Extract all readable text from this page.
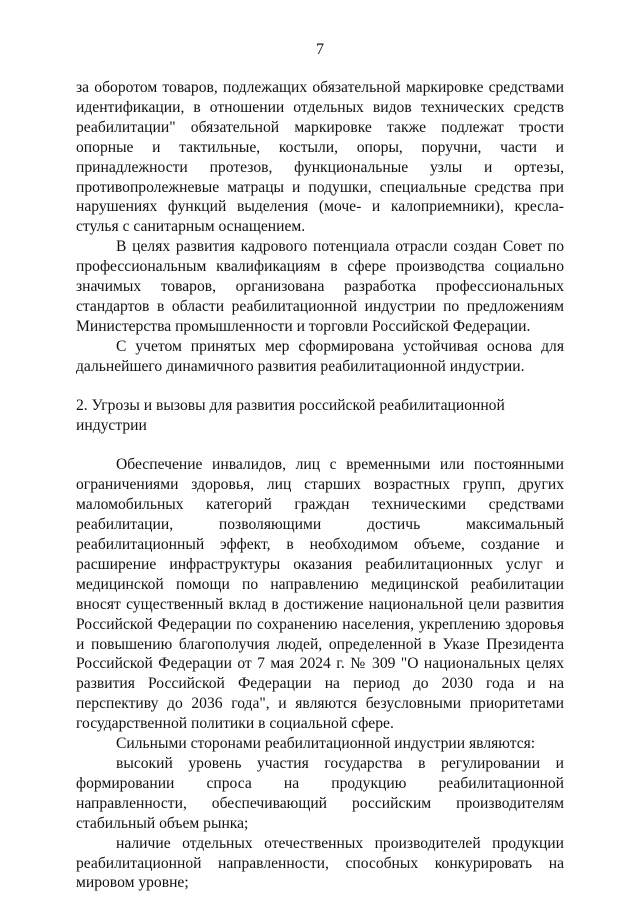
7

за оборотом товаров, подлежащих обязательной маркировке средствами идентификации, в отношении отдельных видов технических средств реабилитации" обязательной маркировке также подлежат трости опорные и тактильные, костыли, опоры, поручни, части и принадлежности протезов, функциональные узлы и ортезы, противопролежневые матрацы и подушки, специальные средства при нарушениях функций выделения (моче- и калоприемники), кресла-стулья с санитарным оснащением.

В целях развития кадрового потенциала отрасли создан Совет по профессиональным квалификациям в сфере производства социально значимых товаров, организована разработка профессиональных стандартов в области реабилитационной индустрии по предложениям Министерства промышленности и торговли Российской Федерации.

С учетом принятых мер сформирована устойчивая основа для дальнейшего динамичного развития реабилитационной индустрии.

2. Угрозы и вызовы для развития российской реабилитационной индустрии

Обеспечение инвалидов, лиц с временными или постоянными ограничениями здоровья, лиц старших возрастных групп, других маломобильных категорий граждан техническими средствами реабилитации, позволяющими достичь максимальный реабилитационный эффект, в необходимом объеме, создание и расширение инфраструктуры оказания реабилитационных услуг и медицинской помощи по направлению медицинской реабилитации вносят существенный вклад в достижение национальной цели развития Российской Федерации по сохранению населения, укреплению здоровья и повышению благополучия людей, определенной в Указе Президента Российской Федерации от 7 мая 2024 г. № 309 "О национальных целях развития Российской Федерации на период до 2030 года и на перспективу до 2036 года", и являются безусловными приоритетами государственной политики в социальной сфере.

Сильными сторонами реабилитационной индустрии являются:

высокий уровень участия государства в регулировании и формировании спроса на продукцию реабилитационной направленности, обеспечивающий российским производителям стабильный объем рынка;

наличие отдельных отечественных производителей продукции реабилитационной направленности, способных конкурировать на мировом уровне;
